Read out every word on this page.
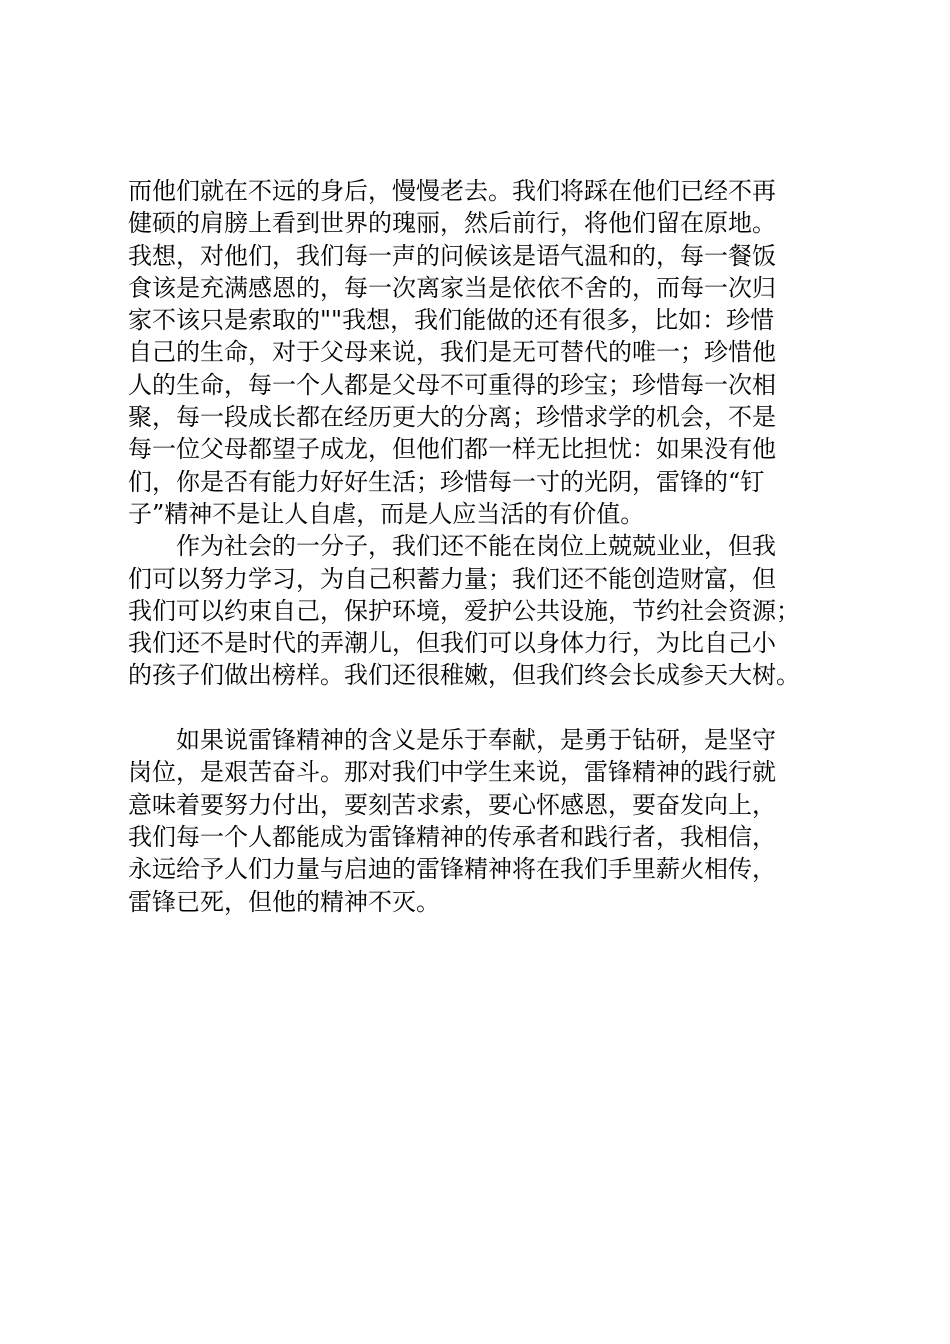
而他们就在不远的身后，慢慢老去。我们将踩在他们已经不再
健硕的肩膀上看到世界的瑰丽，然后前行，将他们留在原地。
我想，对他们，我们每一声的问候该是语气温和的，每一餐饭
食该是充满感恩的，每一次离家当是依依不舍的，而每一次归
家不该只是索取的""我想，我们能做的还有很多，比如：珍惜
自己的生命，对于父母来说，我们是无可替代的唯一；珍惜他
人的生命，每一个人都是父母不可重得的珍宝；珍惜每一次相
聚，每一段成长都在经历更大的分离；珍惜求学的机会，不是
每一位父母都望子成龙，但他们都一样无比担忧：如果没有他
们，你是否有能力好好生活；珍惜每一寸的光阴，雷锋的“钉
子”精神不是让人自虐，而是人应当活的有价值。
作为社会的一分子，我们还不能在岗位上兢兢业业，但我
们可以努力学习，为自己积蓄力量；我们还不能创造财富，但
我们可以约束自己，保护环境，爱护公共设施，节约社会资源；
我们还不是时代的弄潮儿，但我们可以身体力行，为比自己小
的孩子们做出榜样。我们还很稚嫩，但我们终会长成参天大树。
如果说雷锋精神的含义是乐于奉献，是勇于钻研，是坚守
岗位，是艰苦奋斗。那对我们中学生来说，雷锋精神的践行就
意味着要努力付出，要刻苦求索，要心怀感恩，要奋发向上，
我们每一个人都能成为雷锋精神的传承者和践行者，我相信，
永远给予人们力量与启迪的雷锋精神将在我们手里薪火相传，
雷锋已死，但他的精神不灭。
